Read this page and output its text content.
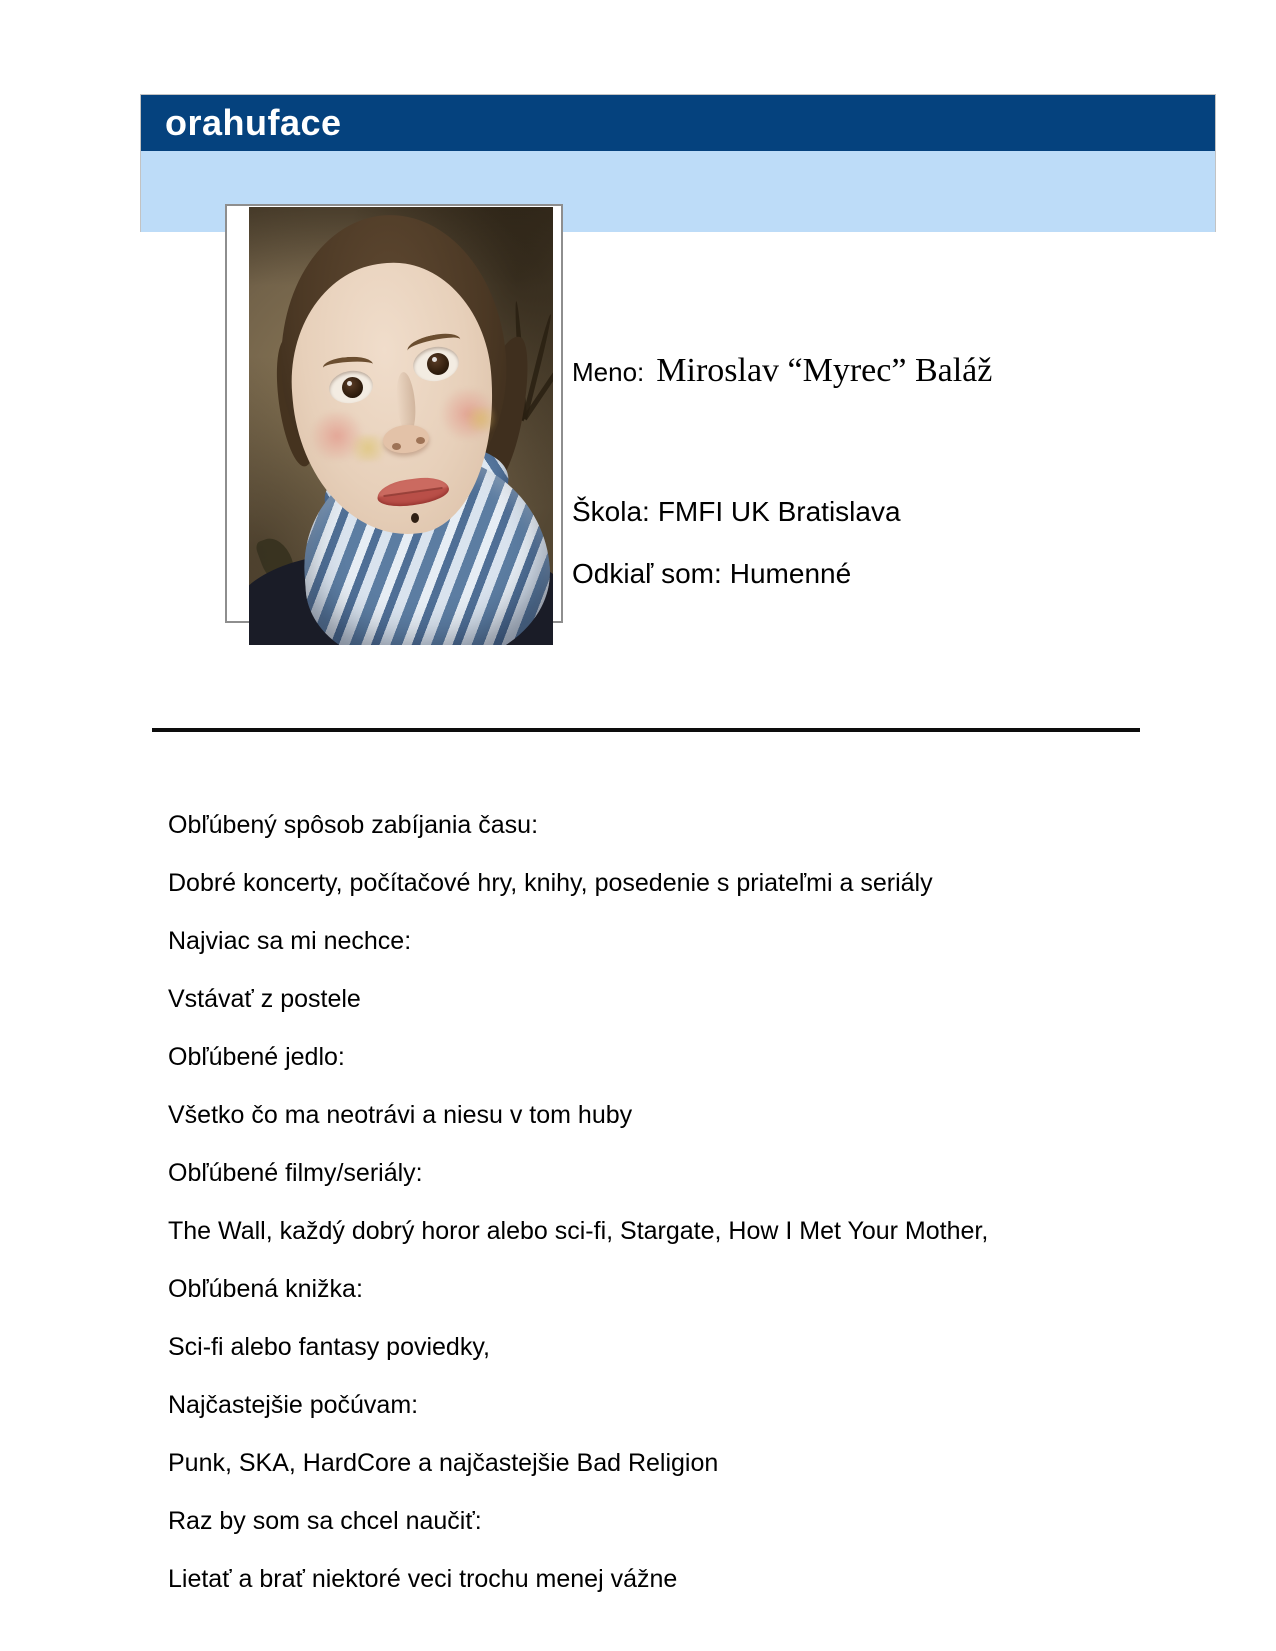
orahuface
Meno: Miroslav “Myrec” Baláž
Škola: FMFI UK Bratislava
Odkiaľ som: Humenné

Obľúbený spôsob zabíjania času:

Dobré koncerty, počítačové hry, knihy, posedenie s priateľmi a seriály

Najviac sa mi nechce:

Vstávať z postele

Obľúbené jedlo:

Všetko čo ma neotrávi a niesu v tom huby

Obľúbené filmy/seriály:

The Wall, každý dobrý horor alebo sci-fi, Stargate, How I Met Your Mother,

Obľúbená knižka:

Sci-fi alebo fantasy poviedky,

Najčastejšie počúvam:

Punk, SKA, HardCore a najčastejšie Bad Religion

Raz by som sa chcel naučiť:

Lietať a brať niektoré veci trochu menej vážne
